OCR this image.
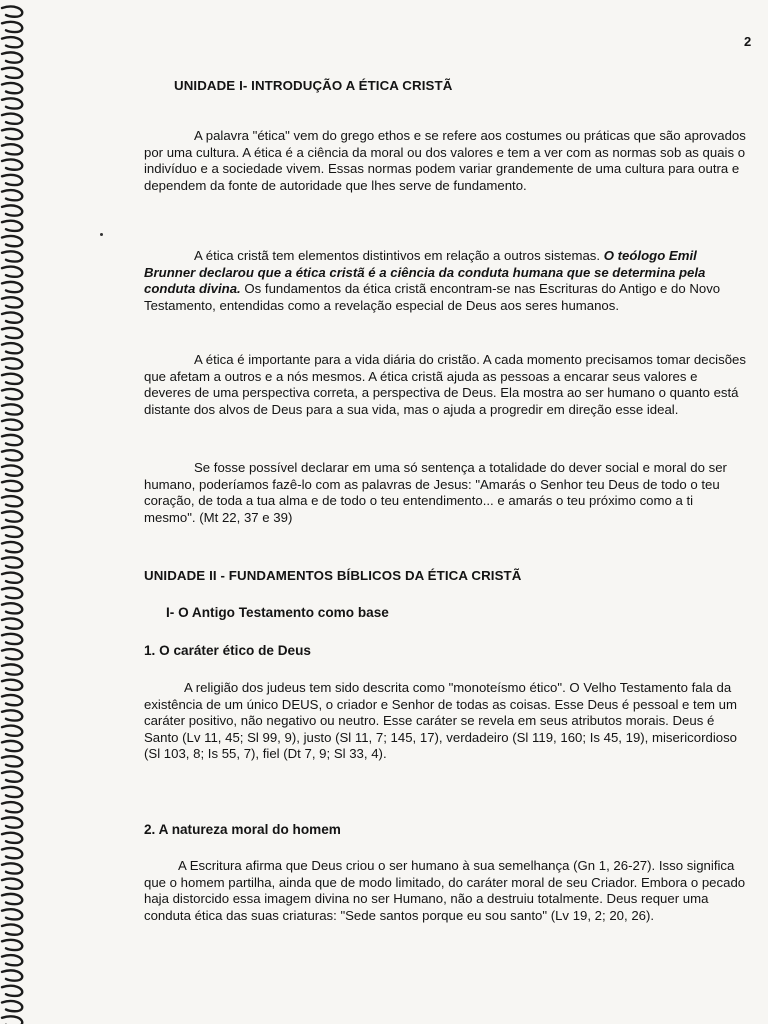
2
UNIDADE I- INTRODUÇÃO A ÉTICA CRISTÃ
A palavra "ética" vem do grego ethos e se refere aos costumes ou práticas que são aprovados por uma cultura. A ética é a ciência da moral ou dos valores e tem a ver com as normas sob as quais o indivíduo e a sociedade vivem. Essas normas podem variar grandemente de uma cultura para outra e dependem da fonte de autoridade que lhes serve de fundamento.
A ética cristã tem elementos distintivos em relação a outros sistemas. O teólogo Emil Brunner declarou que a ética cristã é a ciência da conduta humana que se determina pela conduta divina. Os fundamentos da ética cristã encontram-se nas Escrituras do Antigo e do Novo Testamento, entendidas como a revelação especial de Deus aos seres humanos.
A ética é importante para a vida diária do cristão. A cada momento precisamos tomar decisões que afetam a outros e a nós mesmos. A ética cristã ajuda as pessoas a encarar seus valores e deveres de uma perspectiva correta, a perspectiva de Deus. Ela mostra ao ser humano o quanto está distante dos alvos de Deus para a sua vida, mas o ajuda a progredir em direção esse ideal.
Se fosse possível declarar em uma só sentença a totalidade do dever social e moral do ser humano, poderíamos fazê-lo com as palavras de Jesus: "Amarás o Senhor teu Deus de todo o teu coração, de toda a tua alma e de todo o teu entendimento... e amarás o teu próximo como a ti mesmo". (Mt 22, 37 e 39)
UNIDADE II - FUNDAMENTOS BÍBLICOS DA ÉTICA CRISTÃ
I- O Antigo Testamento como base
1. O caráter ético de Deus
A religião dos judeus tem sido descrita como "monoteísmo ético". O Velho Testamento fala da existência de um único DEUS, o criador e Senhor de todas as coisas. Esse Deus é pessoal e tem um caráter positivo, não negativo ou neutro. Esse caráter se revela em seus atributos morais. Deus é Santo (Lv 11, 45; Sl 99, 9), justo (Sl 11, 7; 145, 17), verdadeiro (Sl 119, 160; Is 45, 19), misericordioso (Sl 103, 8; Is 55, 7), fiel (Dt 7, 9; Sl 33, 4).
2. A natureza moral do homem
A Escritura afirma que Deus criou o ser humano à sua semelhança (Gn 1, 26-27). Isso significa que o homem partilha, ainda que de modo limitado, do caráter moral de seu Criador. Embora o pecado haja distorcido essa imagem divina no ser Humano, não a destruiu totalmente. Deus requer uma conduta ética das suas criaturas: "Sede santos porque eu sou santo" (Lv 19, 2; 20, 26).
